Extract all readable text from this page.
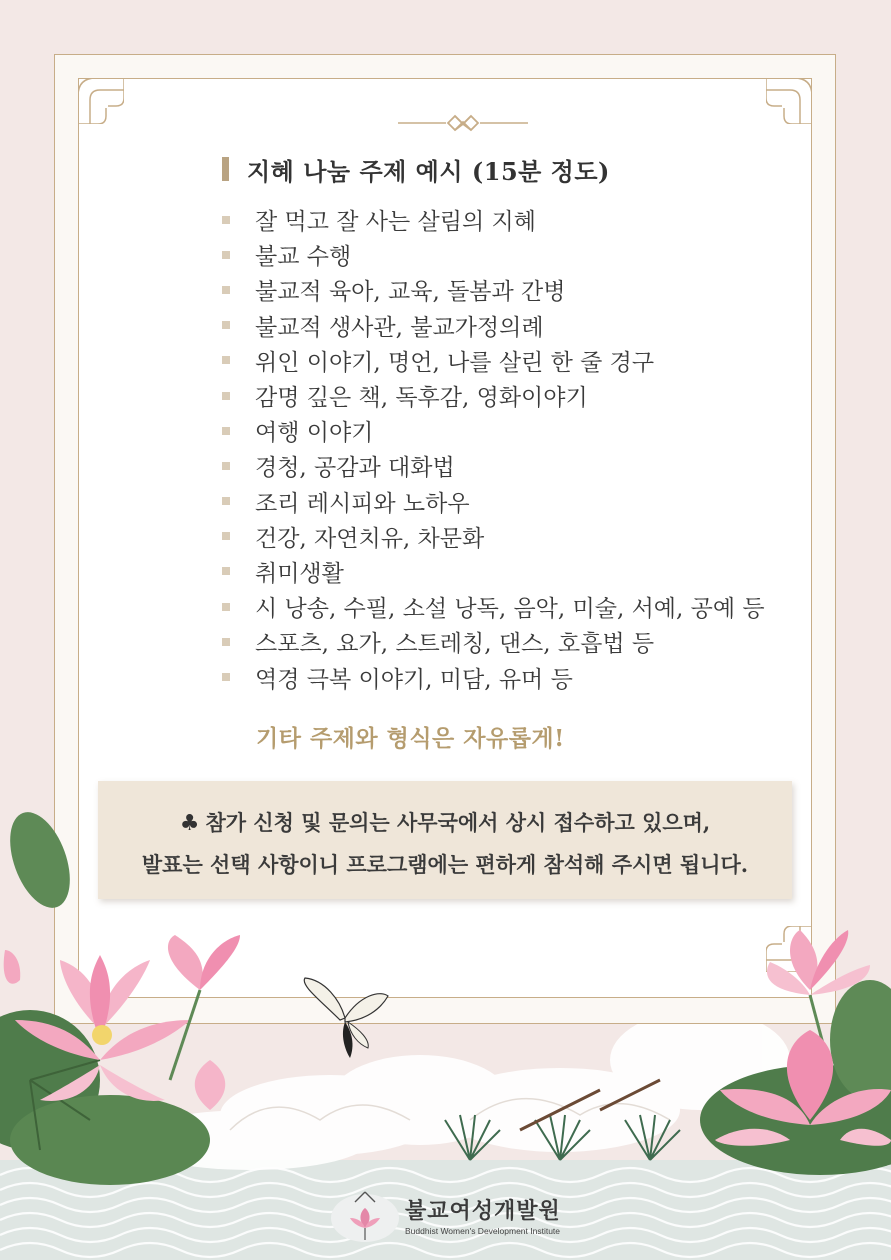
지혜 나눔 주제 예시 (15분 정도)
잘 먹고 잘 사는 살림의 지혜
불교 수행
불교적 육아, 교육, 돌봄과 간병
불교적 생사관, 불교가정의례
위인 이야기, 명언, 나를 살린 한 줄 경구
감명 깊은 책, 독후감, 영화이야기
여행 이야기
경청, 공감과 대화법
조리 레시피와 노하우
건강, 자연치유, 차문화
취미생활
시 낭송, 수필, 소설 낭독, 음악, 미술, 서예, 공예 등
스포츠, 요가, 스트레칭, 댄스, 호흡법 등
역경 극복 이야기, 미담, 유머 등
기타 주제와 형식은 자유롭게!
♣ 참가 신청 및 문의는 사무국에서 상시 접수하고 있으며,
발표는 선택 사항이니 프로그램에는 편하게 참석해 주시면 됩니다.
불교여성개발원
Buddhist Women's Development Institute
